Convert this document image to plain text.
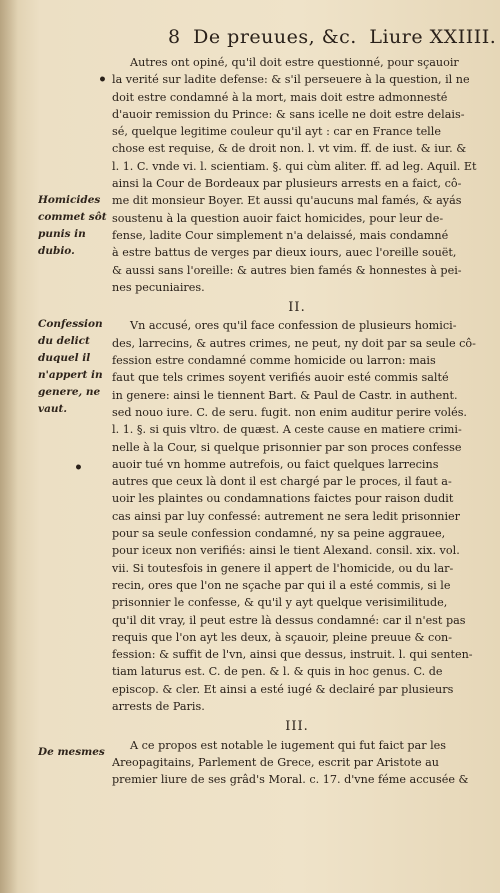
8 De preuues, &c. Liure XXIIII.
•
•
Homicides
commet sôt
punis in
dubio.
Confession
du delict
duquel il
n'appert in
genere, ne
vaut.
De mesmes

Autres ont opiné, qu'il doit estre questionné, pour sçauoir
la verité sur ladite defense: & s'il perseuere à la question, il ne
doit estre condamné à la mort, mais doit estre admonnesté
d'auoir remission du Prince: & sans icelle ne doit estre delais-
sé, quelque legitime couleur qu'il ayt : car en France telle
chose est requise, & de droit non. l. vt vim. ff. de iust. & iur. &
l. 1. C. vnde vi. l. scientiam. §. qui cùm aliter. ff. ad leg. Aquil. Et
ainsi la Cour de Bordeaux par plusieurs arrests en a faict, cô-
me dit monsieur Boyer. Et aussi qu'aucuns mal famés, & ayás
soustenu à la question auoir faict homicides, pour leur de-
fense, ladite Cour simplement n'a delaissé, mais condamné
à estre battus de verges par dieux iours, auec l'oreille souët,
& aussi sans l'oreille: & autres bien famés & honnestes à pei-
nes pecuniaires.

II.

Vn accusé, ores qu'il face confession de plusieurs homici-
des, larrecins, & autres crimes, ne peut, ny doit par sa seule cô-
fession estre condamné comme homicide ou larron: mais
faut que tels crimes soyent verifiés auoir esté commis salté
in genere: ainsi le tiennent Bart. & Paul de Castr. in authent.
sed nouo iure. C. de seru. fugit. non enim auditur perire volés.
l. 1. §. si quis vltro. de quæst. A ceste cause en matiere crimi-
nelle à la Cour, si quelque prisonnier par son proces confesse
auoir tué vn homme autrefois, ou faict quelques larrecins
autres que ceux là dont il est chargé par le proces, il faut a-
uoir les plaintes ou condamnations faictes pour raison dudit
cas ainsi par luy confessé: autrement ne sera ledit prisonnier
pour sa seule confession condamné, ny sa peine aggrauee,
pour iceux non verifiés: ainsi le tient Alexand. consil. xix. vol.
vii. Si toutesfois in genere il appert de l'homicide, ou du lar-
recin, ores que l'on ne sçache par qui il a esté commis, si le
prisonnier le confesse, & qu'il y ayt quelque verisimilitude,
qu'il dit vray, il peut estre là dessus condamné: car il n'est pas
requis que l'on ayt les deux, à sçauoir, pleine preuue & con-
fession: & suffit de l'vn, ainsi que dessus, instruit. l. qui senten-
tiam laturus est. C. de pen. & l. & quis in hoc genus. C. de
episcop. & cler. Et ainsi a esté iugé & declairé par plusieurs
arrests de Paris.

III.

A ce propos est notable le iugement qui fut faict par les
Areopagitains, Parlement de Grece, escrit par Aristote au
premier liure de ses grâd's Moral. c. 17. d'vne féme accusée &
